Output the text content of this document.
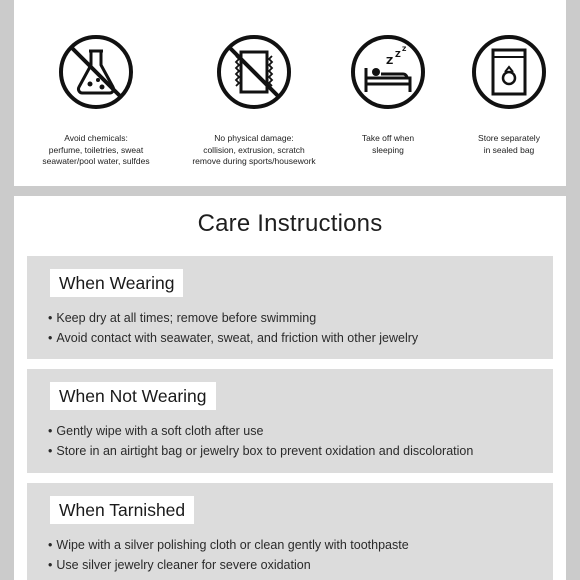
Avoid chemicals:
perfume, toiletries, sweat
seawater/pool water, sulfdes
No physical damage:
collision, extrusion, scratch
remove during sports/housework
Z
Z
Z
Take off when
sleeping
Store separately
in sealed bag
Care Instructions
When Wearing
• Keep dry at all times; remove before swimming
• Avoid contact with seawater, sweat, and friction with other jewelry
When Not Wearing
• Gently wipe with a soft cloth after use
• Store in an airtight bag or jewelry box to prevent oxidation and discoloration
When Tarnished
• Wipe with a silver polishing cloth or clean gently with toothpaste
• Use silver jewelry cleaner for severe oxidation
